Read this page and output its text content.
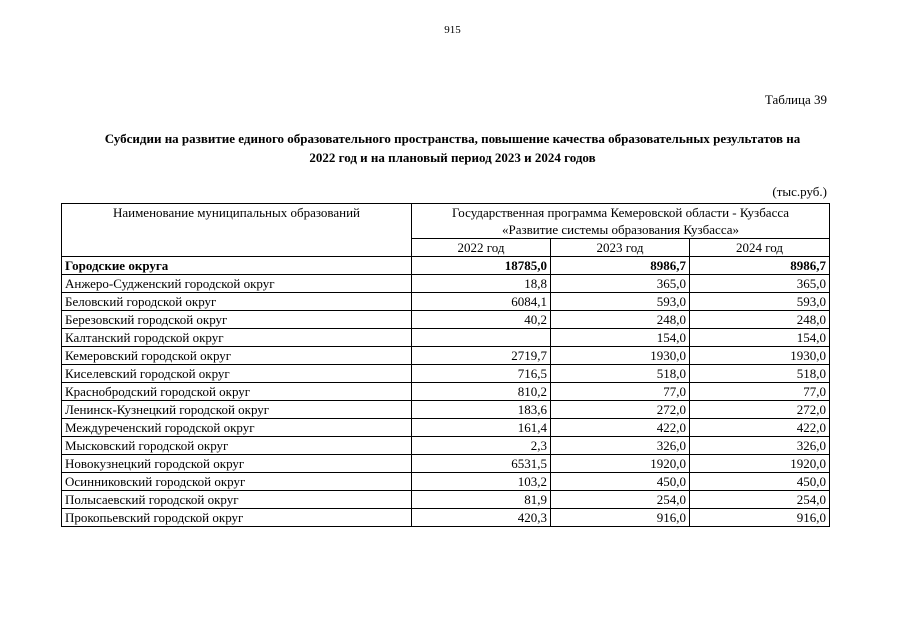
915
Таблица 39
Субсидии на развитие единого образовательного пространства, повышение качества образовательных результатов на
2022 год и на плановый период 2023 и 2024 годов
(тыс.руб.)
Наименование муниципальных образований	Государственная программа Кемеровской области - Кузбасса
«Развитие системы образования Кузбасса»		

	2022 год	2023 год	2024 год
Городские округа	18785,0	8986,7	8986,7
Анжеро-Судженский городской округ	18,8	365,0	365,0
Беловский городской округ	6084,1	593,0	593,0
Березовский городской округ	40,2	248,0	248,0
Калтанский городской округ		154,0	154,0
Кемеровский городской округ	2719,7	1930,0	1930,0
Киселевский городской округ	716,5	518,0	518,0
Краснобродский городской округ	810,2	77,0	77,0
Ленинск-Кузнецкий городской округ	183,6	272,0	272,0
Междуреченский городской округ	161,4	422,0	422,0
Мысковский городской округ	2,3	326,0	326,0
Новокузнецкий городской округ	6531,5	1920,0	1920,0
Осинниковский городской округ	103,2	450,0	450,0
Полысаевский городской округ	81,9	254,0	254,0
Прокопьевский городской округ	420,3	916,0	916,0
